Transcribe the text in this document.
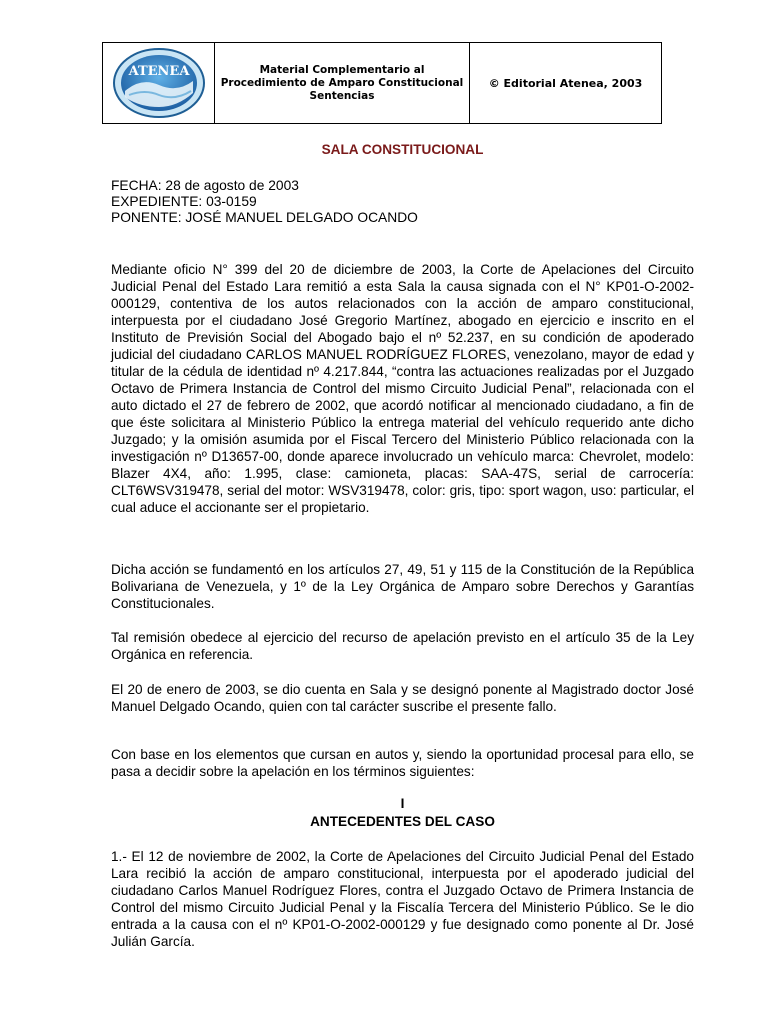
ATENEA	Material Complementario al
Procedimiento de Amparo Constitucional
Sentencias
© Editorial Atenea, 2003
SALA CONSTITUCIONAL
FECHA: 28 de agosto de 2003
EXPEDIENTE: 03-0159
PONENTE: JOSÉ MANUEL DELGADO OCANDO

Mediante oficio N° 399 del 20 de diciembre de 2003, la Corte de Apelaciones del Circuito Judicial Penal del Estado Lara remitió a esta Sala la causa signada con el N° KP01-O-2002-000129, contentiva de los autos relacionados con la acción de amparo constitucional, interpuesta por el ciudadano José Gregorio Martínez, abogado en ejercicio e inscrito en el Instituto de Previsión Social del Abogado bajo el nº 52.237, en su condición de apoderado judicial del ciudadano CARLOS MANUEL RODRÍGUEZ FLORES, venezolano, mayor de edad y titular de la cédula de identidad nº 4.217.844, “contra las actuaciones realizadas por el Juzgado Octavo de Primera Instancia de Control del mismo Circuito Judicial Penal”, relacionada con el auto dictado el 27 de febrero de 2002, que acordó notificar al mencionado ciudadano, a fin de que éste solicitara al Ministerio Público la entrega material del vehículo requerido ante dicho Juzgado; y la omisión asumida por el Fiscal Tercero del Ministerio Público relacionada con la investigación nº D13657-00, donde aparece involucrado un vehículo marca: Chevrolet, modelo: Blazer 4X4, año: 1.995, clase: camioneta, placas: SAA-47S, serial de carrocería: CLT6WSV319478, serial del motor: WSV319478, color: gris, tipo: sport wagon, uso: particular, el cual aduce el accionante ser el propietario.

Dicha acción se fundamentó en los artículos 27, 49, 51 y 115 de la Constitución de la República Bolivariana de Venezuela, y 1º de la Ley Orgánica de Amparo sobre Derechos y Garantías Constitucionales.

Tal remisión obedece al ejercicio del recurso de apelación previsto en el artículo 35 de la Ley Orgánica en referencia.

El 20 de enero de 2003, se dio cuenta en Sala y se designó ponente al Magistrado doctor José Manuel Delgado Ocando, quien con tal carácter suscribe el presente fallo.

Con base en los elementos que cursan en autos y, siendo la oportunidad procesal para ello, se pasa a decidir sobre la apelación en los términos siguientes:

I
ANTECEDENTES DEL CASO

1.- El 12 de noviembre de 2002, la Corte de Apelaciones del Circuito Judicial Penal del Estado Lara recibió la acción de amparo constitucional, interpuesta por el apoderado judicial del ciudadano Carlos Manuel Rodríguez Flores, contra el Juzgado Octavo de Primera Instancia de Control del mismo Circuito Judicial Penal y la Fiscalía Tercera del Ministerio Público. Se le dio entrada a la causa con el nº KP01-O-2002-000129 y fue designado como ponente al Dr. José Julián García.
